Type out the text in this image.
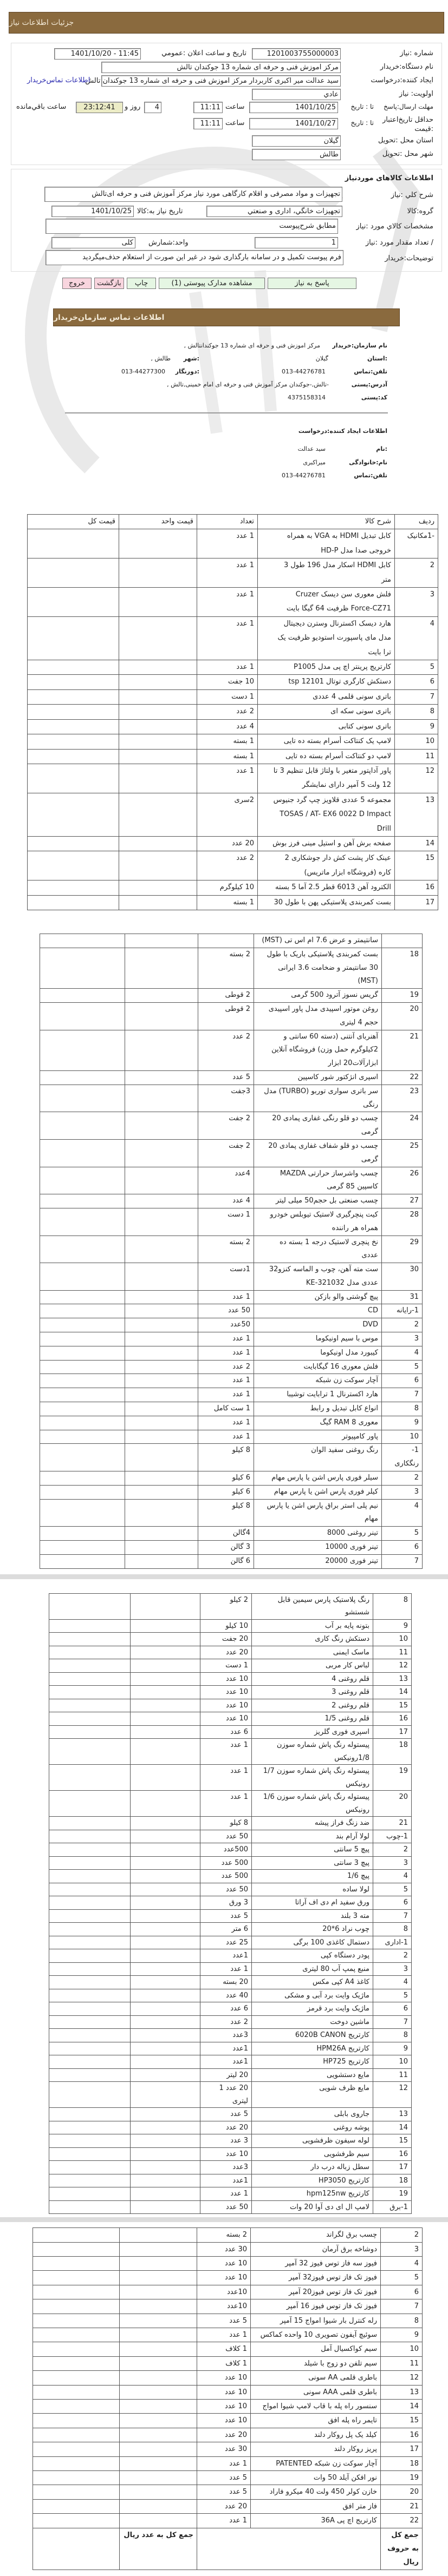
جزئیات اطلاعات نیاز
شماره :نیاز
1201003755000003
تاریخ و ساعت اعلان :عمومي
1401/10/20 - 11:45
نام دستگاه:خریدار
مرکز اموزش فنی و حرفه ای شماره 13 جوکندان تالش
ایجاد کننده:درخواست
سید عدالت میر اکبری کاربردار مرکز اموزش فنی و حرفه ای شماره 13 جوکندان تالش
اطلاعات تماس‌خریدار
اولویت: نیاز
عادي
مهلت ارسال:پاسخ
تا : تاریخ
1401/10/25
ساعت
11:11
4
روز و
23:12:41
ساعت باقي‌مانده
حداقل تاریخ‌اعتبار :قیمت
تا : تاریخ
1401/10/27
ساعت
11:11
استان محل :تحویل
گیلان
شهر محل :تحویل
طالش
اطلاعات کالاهای مورد‌نیاز
شرح کلي :نیاز
تجهیزات و مواد مصرفی و اقلام کارگاهی مورد نیاز مرکز آموزش فنی و حرفه ای‌تالش
گروه:کالا
تجهیزات خانگي، اداری و صنعتي
تاریخ نیاز به:کالا
1401/10/25
مشخصات کالاي مورد :نیاز
مطابق شرح‌پیوست
/ تعداد مقدار مورد :نیاز
1
واحد:شمارش
کلی
توضیحات:خریدار
فرم پیوست تکمیل و در سامانه بارگذاری شود در غیر این صورت از استعلام حذف‌میگردید
پاسخ به نیاز
مشاهده مدارک پیوستی (1)
چاپ
بازگشت
خروج
اطلاعات تماس سازمان‌خریدار
نام سازمان:خریدار
مرکز اموزش فنی و حرفه ای شماره 13 جوکندانتالش ,
:استان
گیلان
:شهر
طالش ,
تلفن:تماس
013-44276781
:دورنگار
013-44277300
آدرس:پستی
-تالش,-جوکندان مرکز آموزش فنی و حرفه ای امام خمینی,تالش ,
کد:پستی
4375158314
اطلاعات ایجاد کننده:درخواست
:نام
سید عدالت
نام:خانوادگی
میراکبری
تلفن:تماس
013-44276781
ردیف	شرح کالا	تعداد	قیمت واحد	قیمت کل
-1مکانیک	کابل تبدیل HDMI به VGA به همراه
خروجی صدا مدل HD-P	1 عدد		
2	کابل HDMI اسکار مدل 196 طول 3
متر	1 عدد		
3	فلش معوری سن دیسک Cruzer
Force-CZ71 ظرفیت 64 گیگا بایت	1 عدد		
4	هارد دیسک اکسترنال وسترن دیجیتال
مدل مای پاسپورت استودیو ظرفیت یک
ترا بایت	1 عدد		
5	کارتریج پرینتر اچ پی مدل P1005	1 عدد		
6	دستکش کارگری توتال tsp 12101	10 جفت		
7	باتری سونی قلمی 4 عددی	1 دست		
8	باتری سونی سکه ای	2 عدد		
9	باتری سونی کتابی	4 عدد		
10	لامپ یک کنتاکت أسرام بسته ده تایی	1 بسته		
11	لامپ دو کنتاکت أسرام بسته ده تایی	1 بسته		
12	پاور آداپتور متغیر با ولتاژ قابل تنظیم 3 تا
12 ولت 5 آمپر دارای نمایشگر	1 عدد		
13	مجموعه 5 عددی قلاویز چپ گرد جنیوس
TOSAS / AT- EX6 0022 D Impact
Drill	2سری		
14	صفحه برش آهن و استیل مینی فرز بوش	20 عدد		
15	عینک کار پشت کش دار جوشکاری 2
کاره (فروشگاه ابزار ماتریس)	2 عدد		
16	الکترود آهن 6013 قطر 2.5 آما 5 بسته	10 کیلوگرم		
17	بست کمربندی پلاستیکی پهن با طول 30	1 بسته		
	سانتیمتر و عرض 7.6 ام اس تی (MST)			
18	بست کمربندی پلاستیکی باریک با طول
30 سانتیمتر و ضخامت 3.6 ایرانی
(MST)	2 بسته		
19	گریس نسوز آترود 500 گرمی	2 قوطی		
20	روغن موتور اسپیدی مدل پاور اسپیدی
حجم 4 لیتری	2 قوطی		
21	آهنربای آنتنی (دسته 60 سانتی و
2کیلوگرم حمل وزن) فروشگاه آنلاین
ابزارآلات20 ابزار	2 عدد		
22	اسپری انژکتور شور کاسپین	5 عدد		
23	سر باتری سواری توربو (TURBO) مدل
رنگی	3جفت		
24	چسب دو قلو رنگی غفاری پمادی 20
گرمی	2 جفت		
25	چسب دو قلو شفاف غفاری پمادی 20
گرمی	2 جفت		
26	چسب واشرساز حرارتی MAZDA
کاسپین 85 گرمی	4عدد		
27	چسب صنعتی بل حجم50 میلی لیتر	4 عدد		
28	کیت پنچرگیری لاستیک تیوبلس خودرو
همراه هر راننده	1 دست		
29	نخ پنچری لاستیک درجه 1 بسته ده
عددی	2 بسته		
30	ست مته آهن، چوب و الماسه کنزو32
عددی مدل KE-321032	1دست		
31	پیچ گوشتی والو بازکن	1 عدد		
1-رایانه	CD	50 عدد		
2	DVD	50عدد		
3	موس با سیم اونیکوما	1 عدد		
4	کیبورد مدل اونیکوما	1 عدد		
5	فلش معوری 16 گیگابایت	2 عدد		
6	آچار سوکت زن شبکه	1 عدد		
7	هارد اکسترنال 1 ترابایت توشیبا	1 عدد		
8	انواع کابل تبدیل و رابط	1 ست کامل		
9	معوری RAM 8 گیگ	1 عدد		
10	پاور کامپیوتر	1 عدد		
1-
رنگکاری	رنگ روغنی سفید الوان	8 کیلو		
2	سیلر فوری پارس اشن یا پارس مهام	6 کیلو		
3	کیلر فوری پارس اشن یا پارس مهام	6 کیلو		
4	نیم پلی استر براق پارس اشن یا پارس
مهام	8 کیلو		
5	تینر روغنی 8000	4گالن		
6	تینر فوری 10000	3 گالن		
7	تینر فوری 20000	6 گالن		
8	رنگ پلاستیک پارس سیمین قابل شستشو	2 کیلو		
9	بتونه پایه بر آب	10 کیلو		
10	دستکش رنگ کاری	20 جفت		
11	ماسک ایمنی	20 عدد		
12	لباس کار مربی	1 دست		
13	قلم روغنی 4	10 عدد		
14	قلم روغنی 3	10 عدد		
15	قلم روغنی 2	10 عدد		
16	قلم روغنی 1/5	10 عدد		
17	اسپری فوری گلریز	6 عدد		
18	پیستوله رنگ پاش شماره سوزن
1/8رونیکس	1 عدد		
19	پیستوله رنگ پاش شماره سوزن 1/7
رونیکس	1 عدد		
20	پیستوله رنگ پاش شماره سوزن 1/6
رونیکس	1 عدد		
21	ضد زنگ فراز پیشه	8 کیلو		
1-چوب	لولا آرام بند	50 عدد		
2	پیچ 5 سانتی	500عدد		
3	پیچ 3 سانتی	500 عدد		
4	پیچ 1/6	500 عدد		
5	لولا ساده	50 عدد		
6	ورق سفید ام دی اف آراتا	3 ورق		
7	مته 3 بلند	5 عدد		
8	چوب نراد 6*20	6 متر		
1-اداری	دستمال کاغذی 100 برگی	25 عدد		
2	پودر دستگاه کپی	1عدد		
3	منبع پمپ آب 80 لیتری	1 عدد		
4	کاغذ A4 کپی مکس	20 بسته		
5	ماژیک وایت برد آبی و مشکی	40 عدد		
6	ماژیک وایت برد قرمز	6 عدد		
7	ماشین دوخت	2 عدد		
8	کارتریج 6020B CANON	3عدد		
9	کارتریج HPM26A	1عدد		
10	کارتریج HP725	1عدد		
11	مایع دستشویی	20 لیتر		
12	مایع ظرف شویی	20 عدد 1
لیتری		
13	جاروی بابلی	5 عدد		
14	پوشه روغنی	20 عدد		
15	لوله سیفون ظرفشویی	3 عدد		
16	سیم ظرفشویی	10 عدد		
17	سطل زباله درب دار	3عدد		
18	کارتریج HP3050	1عدد		
19	کارتریج hpm125nw	1 عدد		
1-برق	لامپ ال ای دی آوا 20 وات	50 عدد		
2	چسب برق لگراند	2 بسته		
3	دوشاخه برق آرمان	30 عدد		
4	فیوز سه فاز توس فیوز 32 آمپر	10 عدد		
5	فیوز تک فاز توس فیوز32 آمپر	10 عدد		
6	فیوز تک فاز توس فیوز20 آمپر	10عدد		
7	فیوز تک فاز توس فیوز 16 آمپر	10عدد		
8	رله کنترل بار شیوا امواج 15 آمپر	5 عدد		
9	سوئیچ آیفون تصویری 10 واحده کماکس	1 عدد		
10	سیم کواکسیال آمل	1 کلاف		
11	سیم تلفن دو زوج با شیلد	1 کلاف		
12	باطری قلمی AA سونی	10 عدد		
13	باطری قلمی AAA سونی	10 عدد		
14	سنسور راه پله با قاب لامپ شیوا امواج	10 عدد		
15	تایمر راه پله افق	10 عدد		
16	کیلد یک پل روکار دلند	20 عدد		
17	پریز روکار دلند	30 عدد		
18	آچار سوکت زن شبکه PATENTED	1 عدد		
19	نور افکن آیلد 50 وات	5 عدد		
20	خازن کولر 450 ولت 40 میکرو فاراد	5 عدد		
21	فاز متر افق	20 عدد		
22	کارتریج اچ پی 36A	1 عدد		
جمع کل
به حروف
ریال			جمع کل به عدد ریال	
